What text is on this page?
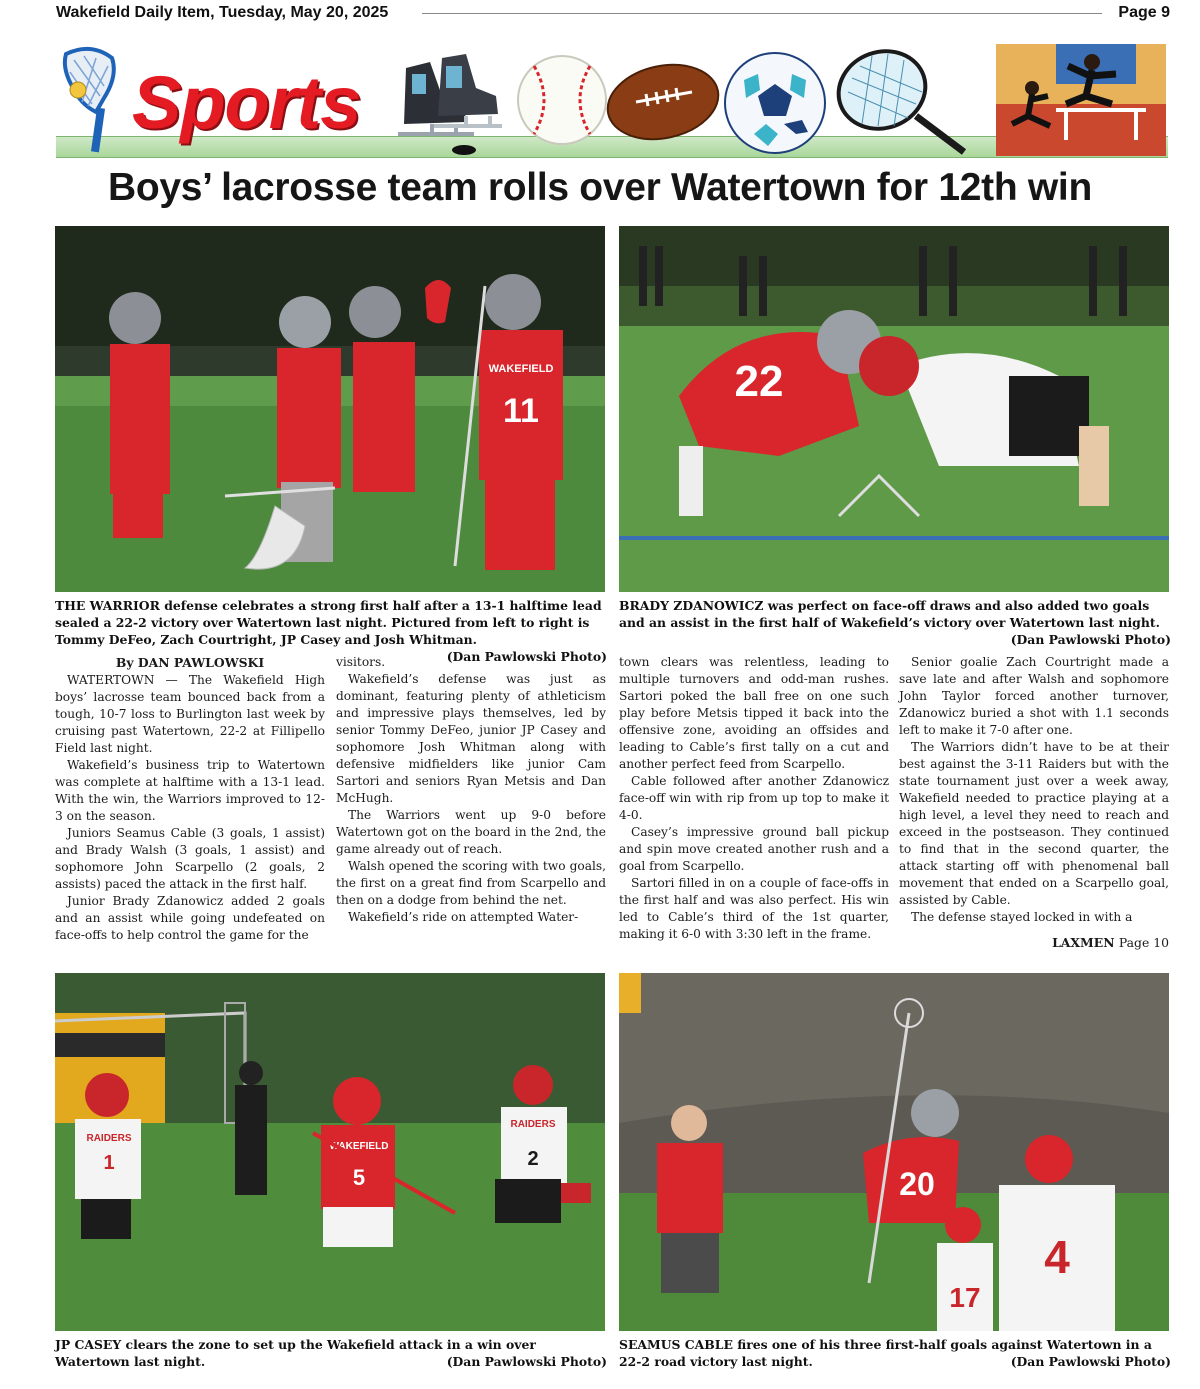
Wakefield Daily Item, Tuesday, May 20, 2025	Page 9
Sports
Boys’ lacrosse team rolls over Watertown for 12th win
11
WAKEFIELD	22
THE WARRIOR defense celebrates a strong first half after a 13-1 halftime lead sealed a 22-2 victory over Watertown last night. Pictured from left to right is Tommy DeFeo, Zach Courtright, JP Casey and Josh Whitman.
(Dan Pawlowski Photo)
BRADY ZDANOWICZ was perfect on face-off draws and also added two goals and an assist in the first half of Wakefield’s victory over Watertown last night.
(Dan Pawlowski Photo)
By DAN PAWLOWSKI

WATERTOWN — The Wakefield High boys’ lacrosse team bounced back from a tough, 10-7 loss to Burlington last week by cruising past Watertown, 22-2 at Fillipello Field last night.

Wakefield’s business trip to Watertown was complete at halftime with a 13-1 lead. With the win, the Warriors improved to 12-3 on the season.

Juniors Seamus Cable (3 goals, 1 assist) and Brady Walsh (3 goals, 1 assist) and sophomore John Scarpello (2 goals, 2 assists) paced the attack in the first half.

Junior Brady Zdanowicz added 2 goals and an assist while going undefeated on face-offs to help control the game for the

visitors.

Wakefield’s defense was just as dominant, featuring plenty of athleticism and impressive plays themselves, led by senior Tommy DeFeo, junior JP Casey and sophomore Josh Whitman along with defensive midfielders like junior Cam Sartori and seniors Ryan Metsis and Dan McHugh.

The Warriors went up 9-0 before Watertown got on the board in the 2nd, the game already out of reach.

Walsh opened the scoring with two goals, the first on a great find from Scarpello and then on a dodge from behind the net.

Wakefield’s ride on attempted Water-

town clears was relentless, leading to multiple turnovers and odd-man rushes. Sartori poked the ball free on one such play before Metsis tipped it back into the offensive zone, avoiding an offsides and leading to Cable’s first tally on a cut and another perfect feed from Scarpello.

Cable followed after another Zdanowicz face-off win with rip from up top to make it 4-0.

Casey’s impressive ground ball pickup and spin move created another rush and a goal from Scarpello.

Sartori filled in on a couple of face-offs in the first half and was also perfect. His win led to Cable’s third of the 1st quarter, making it 6-0 with 3:30 left in the frame.

Senior goalie Zach Courtright made a save late and after Walsh and sophomore John Taylor forced another turnover, Zdanowicz buried a shot with 1.1 seconds left to make it 7-0 after one.

The Warriors didn’t have to be at their best against the 3-11 Raiders but with the state tournament just over a week away, Wakefield needed to practice playing at a high level, a level they need to reach and exceed in the postseason. They continued to find that in the second quarter, the attack starting off with phenomenal ball movement that ended on a Scarpello goal, assisted by Cable.

The defense stayed locked in with a

LAXMEN Page 10
1
RAIDERS
5
WAKEFIELD
2
RAIDERS
20
4
17
JP CASEY clears the zone to set up the Wakefield attack in a win over Watertown last night.	(Dan Pawlowski Photo)
SEAMUS CABLE fires one of his three first-half goals against Watertown in a 22-2 road victory last night.	(Dan Pawlowski Photo)
